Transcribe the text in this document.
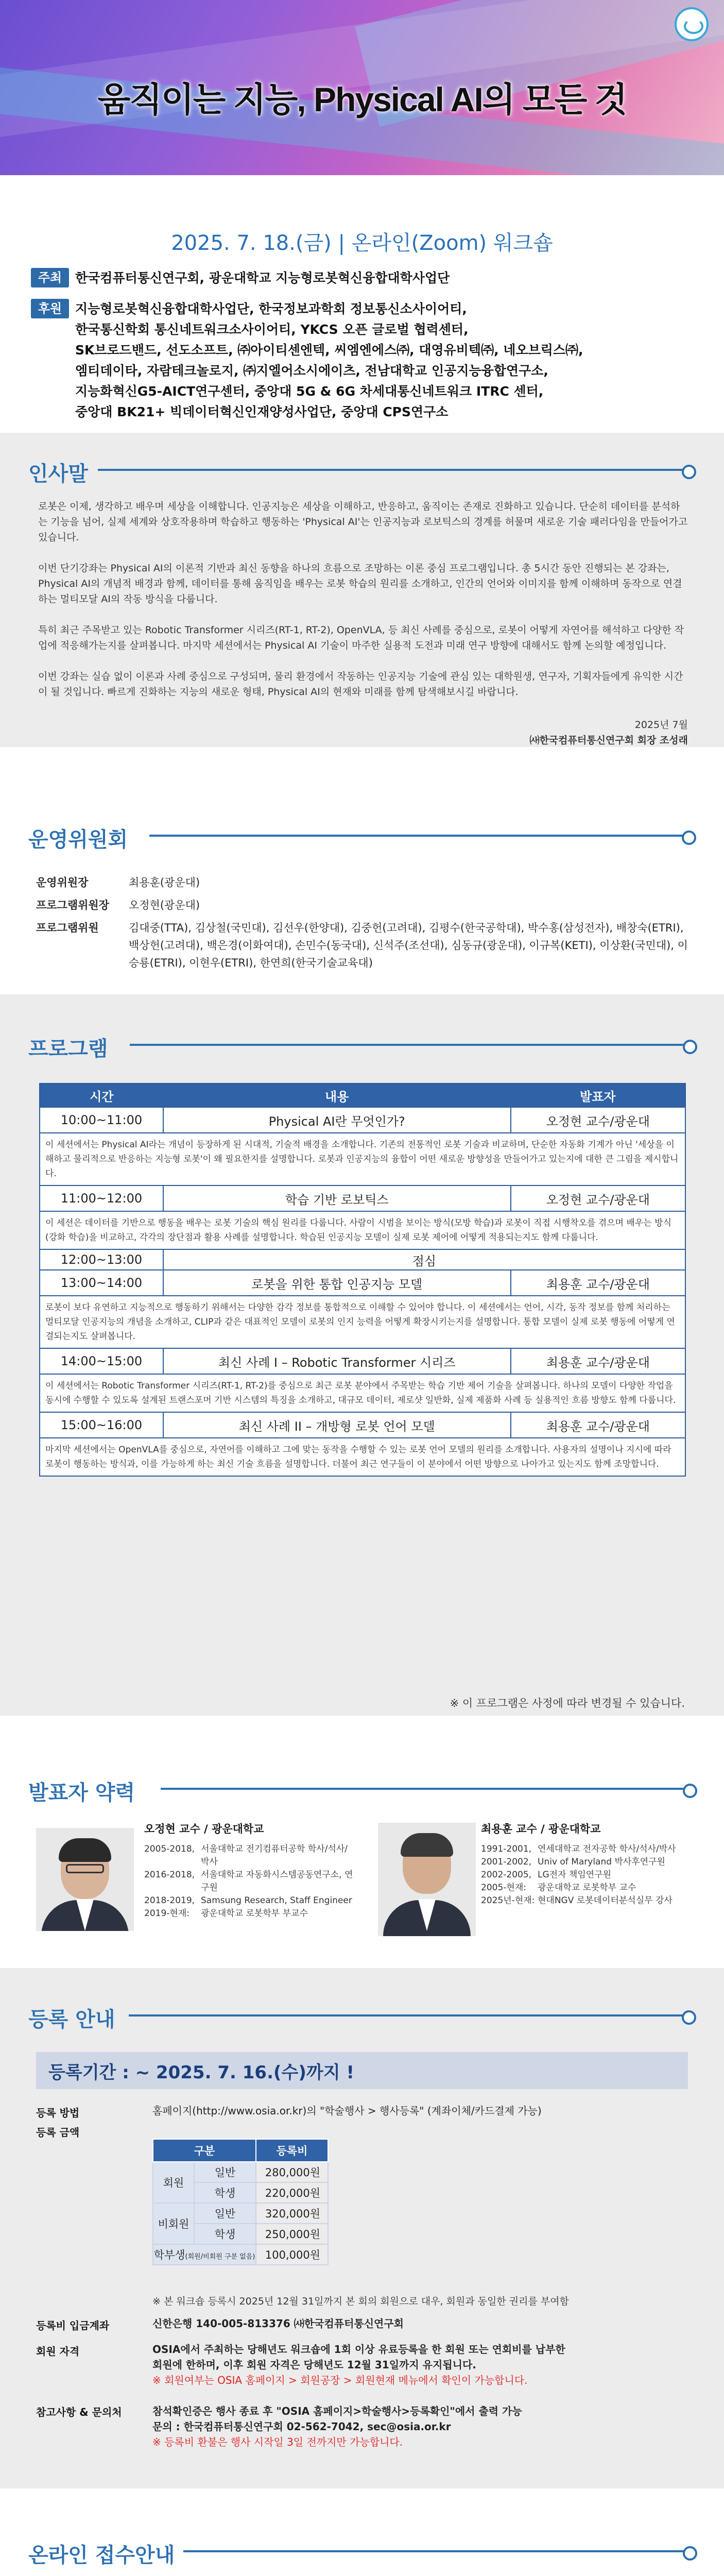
움직이는 지능, Physical AI의 모든 것
2025. 7. 18.(금) | 온라인(Zoom) 워크숍
주최 한국컴퓨터통신연구회, 광운대학교 지능형로봇혁신융합대학사업단
후원 지능형로봇혁신융합대학사업단, 한국정보과학회 정보통신소사이어티,
한국통신학회 통신네트워크소사이어티, YKCS 오픈 글로벌 협력센터,
SK브로드밴드, 선도소프트, ㈜아이티센엔텍, 씨엠엔에스㈜, 대영유비텍㈜, 네오브릭스㈜,
엠티데이타, 자람테크놀로지, ㈜지엘어소시에이츠, 전남대학교 인공지능융합연구소,
지능화혁신G5-AICT연구센터, 중앙대 5G & 6G 차세대통신네트워크 ITRC 센터,
중앙대 BK21+ 빅데이터혁신인재양성사업단, 중앙대 CPS연구소
인사말

로봇은 이제, 생각하고 배우며 세상을 이해합니다. 인공지능은 세상을 이해하고, 반응하고, 움직이는 존재로 진화하고 있습니다. 단순히 데이터를 분석하는 기능을 넘어, 실제 세계와 상호작용하며 학습하고 행동하는 'Physical AI'는 인공지능과 로보틱스의 경계를 허물며 새로운 기술 패러다임을 만들어가고 있습니다.

이번 단기강좌는 Physical AI의 이론적 기반과 최신 동향을 하나의 흐름으로 조망하는 이론 중심 프로그램입니다. 총 5시간 동안 진행되는 본 강좌는, Physical AI의 개념적 배경과 함께, 데이터를 통해 움직임을 배우는 로봇 학습의 원리를 소개하고, 인간의 언어와 이미지를 함께 이해하며 동작으로 연결하는 멀티모달 AI의 작동 방식을 다룹니다.

특히 최근 주목받고 있는 Robotic Transformer 시리즈(RT-1, RT-2), OpenVLA, 등 최신 사례를 중심으로, 로봇이 어떻게 자연어를 해석하고 다양한 작업에 적응해가는지를 살펴봅니다. 마지막 세션에서는 Physical AI 기술이 마주한 실용적 도전과 미래 연구 방향에 대해서도 함께 논의할 예정입니다.

이번 강좌는 실습 없이 이론과 사례 중심으로 구성되며, 물리 환경에서 작동하는 인공지능 기술에 관심 있는 대학원생, 연구자, 기획자들에게 유익한 시간이 될 것입니다. 빠르게 진화하는 지능의 새로운 형태, Physical AI의 현재와 미래를 함께 탐색해보시길 바랍니다.

2025년 7월
㈔한국컴퓨터통신연구회 회장 조성래
운영위원회
운영위원장	최용훈(광운대)
프로그램위원장 오정현(광운대)
프로그램위원	김대중(TTA), 김상철(국민대), 김선우(한양대), 김중헌(고려대), 김평수(한국공학대), 박수홍(삼성전자), 배창숙(ETRI), 백상헌(고려대), 백은경(이화여대), 손민수(동국대), 신석주(조선대), 심동규(광운대), 이규복(KETI), 이상환(국민대), 이승룡(ETRI), 이현우(ETRI), 한연희(한국기술교육대)
프로그램
시간	내용	발표자
10:00~11:00	Physical AI란 무엇인가?	오정현 교수/광운대
이 세션에서는 Physical AI라는 개념이 등장하게 된 시대적, 기술적 배경을 소개합니다. 기존의 전통적인 로봇 기술과 비교하며, 단순한 자동화 기계가 아닌 '세상을 이해하고 물리적으로 반응하는 지능형 로봇'이 왜 필요한지를 설명합니다. 로봇과 인공지능의 융합이 어떤 새로운 방향성을 만들어가고 있는지에 대한 큰 그림을 제시합니다.		
11:00~12:00	학습 기반 로보틱스	오정현 교수/광운대
이 세션은 데이터를 기반으로 행동을 배우는 로봇 기술의 핵심 원리를 다룹니다. 사람이 시범을 보이는 방식(모방 학습)과 로봇이 직접 시행착오를 겪으며 배우는 방식(강화 학습)을 비교하고, 각각의 장단점과 활용 사례를 설명합니다. 학습된 인공지능 모델이 실제 로봇 제어에 어떻게 적용되는지도 함께 다룹니다.		
12:00~13:00	점심	
13:00~14:00	로봇을 위한 통합 인공지능 모델	최용훈 교수/광운대
로봇이 보다 유연하고 지능적으로 행동하기 위해서는 다양한 감각 정보를 통합적으로 이해할 수 있어야 합니다. 이 세션에서는 언어, 시각, 동작 정보를 함께 처리하는 멀티모달 인공지능의 개념을 소개하고, CLIP과 같은 대표적인 모델이 로봇의 인지 능력을 어떻게 확장시키는지를 설명합니다. 통합 모델이 실제 로봇 행동에 어떻게 연결되는지도 살펴봅니다.		
14:00~15:00	최신 사례 I – Robotic Transformer 시리즈	최용훈 교수/광운대
이 세션에서는 Robotic Transformer 시리즈(RT-1, RT-2)를 중심으로 최근 로봇 분야에서 주목받는 학습 기반 제어 기술을 살펴봅니다. 하나의 모델이 다양한 작업을 동시에 수행할 수 있도록 설계된 트랜스포머 기반 시스템의 특징을 소개하고, 대규모 데이터, 제로샷 일반화, 실제 제품화 사례 등 실용적인 흐름 방향도 함께 다룹니다.		
15:00~16:00	최신 사례 II – 개방형 로봇 언어 모델	최용훈 교수/광운대
마지막 세션에서는 OpenVLA를 중심으로, 자연어를 이해하고 그에 맞는 동작을 수행할 수 있는 로봇 언어 모델의 원리를 소개합니다. 사용자의 설명이나 지시에 따라 로봇이 행동하는 방식과, 이를 가능하게 하는 최신 기술 흐름을 설명합니다. 더불어 최근 연구들이 이 분야에서 어떤 방향으로 나아가고 있는지도 함께 조망합니다.		
※ 이 프로그램은 사정에 따라 변경될 수 있습니다.
발표자 약력
오정현 교수 / 광운대학교
2005-2018, 서울대학교 전기컴퓨터공학 학사/석사/박사
2016-2018, 서울대학교 자동화시스템공동연구소, 연구원
2018-2019, Samsung Research, Staff Engineer
2019-현재: 광운대학교 로봇학부 부교수
최용훈 교수 / 광운대학교
1991-2001, 연세대학교 전자공학 학사/석사/박사
2001-2002, Univ of Maryland 박사후연구원
2002-2005, LG전자 책임연구원
2005-현재: 광운대학교 로봇학부 교수
2025년-현재: 현대NGV 로봇데이터분석실무 강사
등록 안내
등록기간 : ~ 2025. 7. 16.(수)까지 !
등록 방법	홈페이지(http://www.osia.or.kr)의 "학술행사 > 행사등록" (계좌이체/카드결제 가능)
등록 금액
구분		등록비
회원	일반	280,000원
	학생	220,000원
비회원	일반	320,000원
	학생	250,000원
학부생(회원/비회원 구분 없음)		100,000원
※ 본 워크숍 등록시 2025년 12월 31일까지 본 회의 회원으로 대우, 회원과 동일한 권리를 부여함
등록비 입금계좌	신한은행 140-005-813376 ㈔한국컴퓨터통신연구회
회원 자격	OSIA에서 주최하는 당해년도 워크숍에 1회 이상 유료등록을 한 회원 또는 연회비를 납부한
회원에 한하며, 이후 회원 자격은 당해년도 12월 31일까지 유지됩니다.
※ 회원여부는 OSIA 홈페이지 > 회원공장 > 회원현재 메뉴에서 확인이 가능합니다.
참고사항 & 문의처	참석확인증은 행사 종료 후 "OSIA 홈페이지>학술행사>등록확인"에서 출력 가능
문의 : 한국컴퓨터통신연구회 02-562-7042, sec@osia.or.kr
※ 등록비 환불은 행사 시작일 3일 전까지만 가능합니다.
온라인 접수안내
